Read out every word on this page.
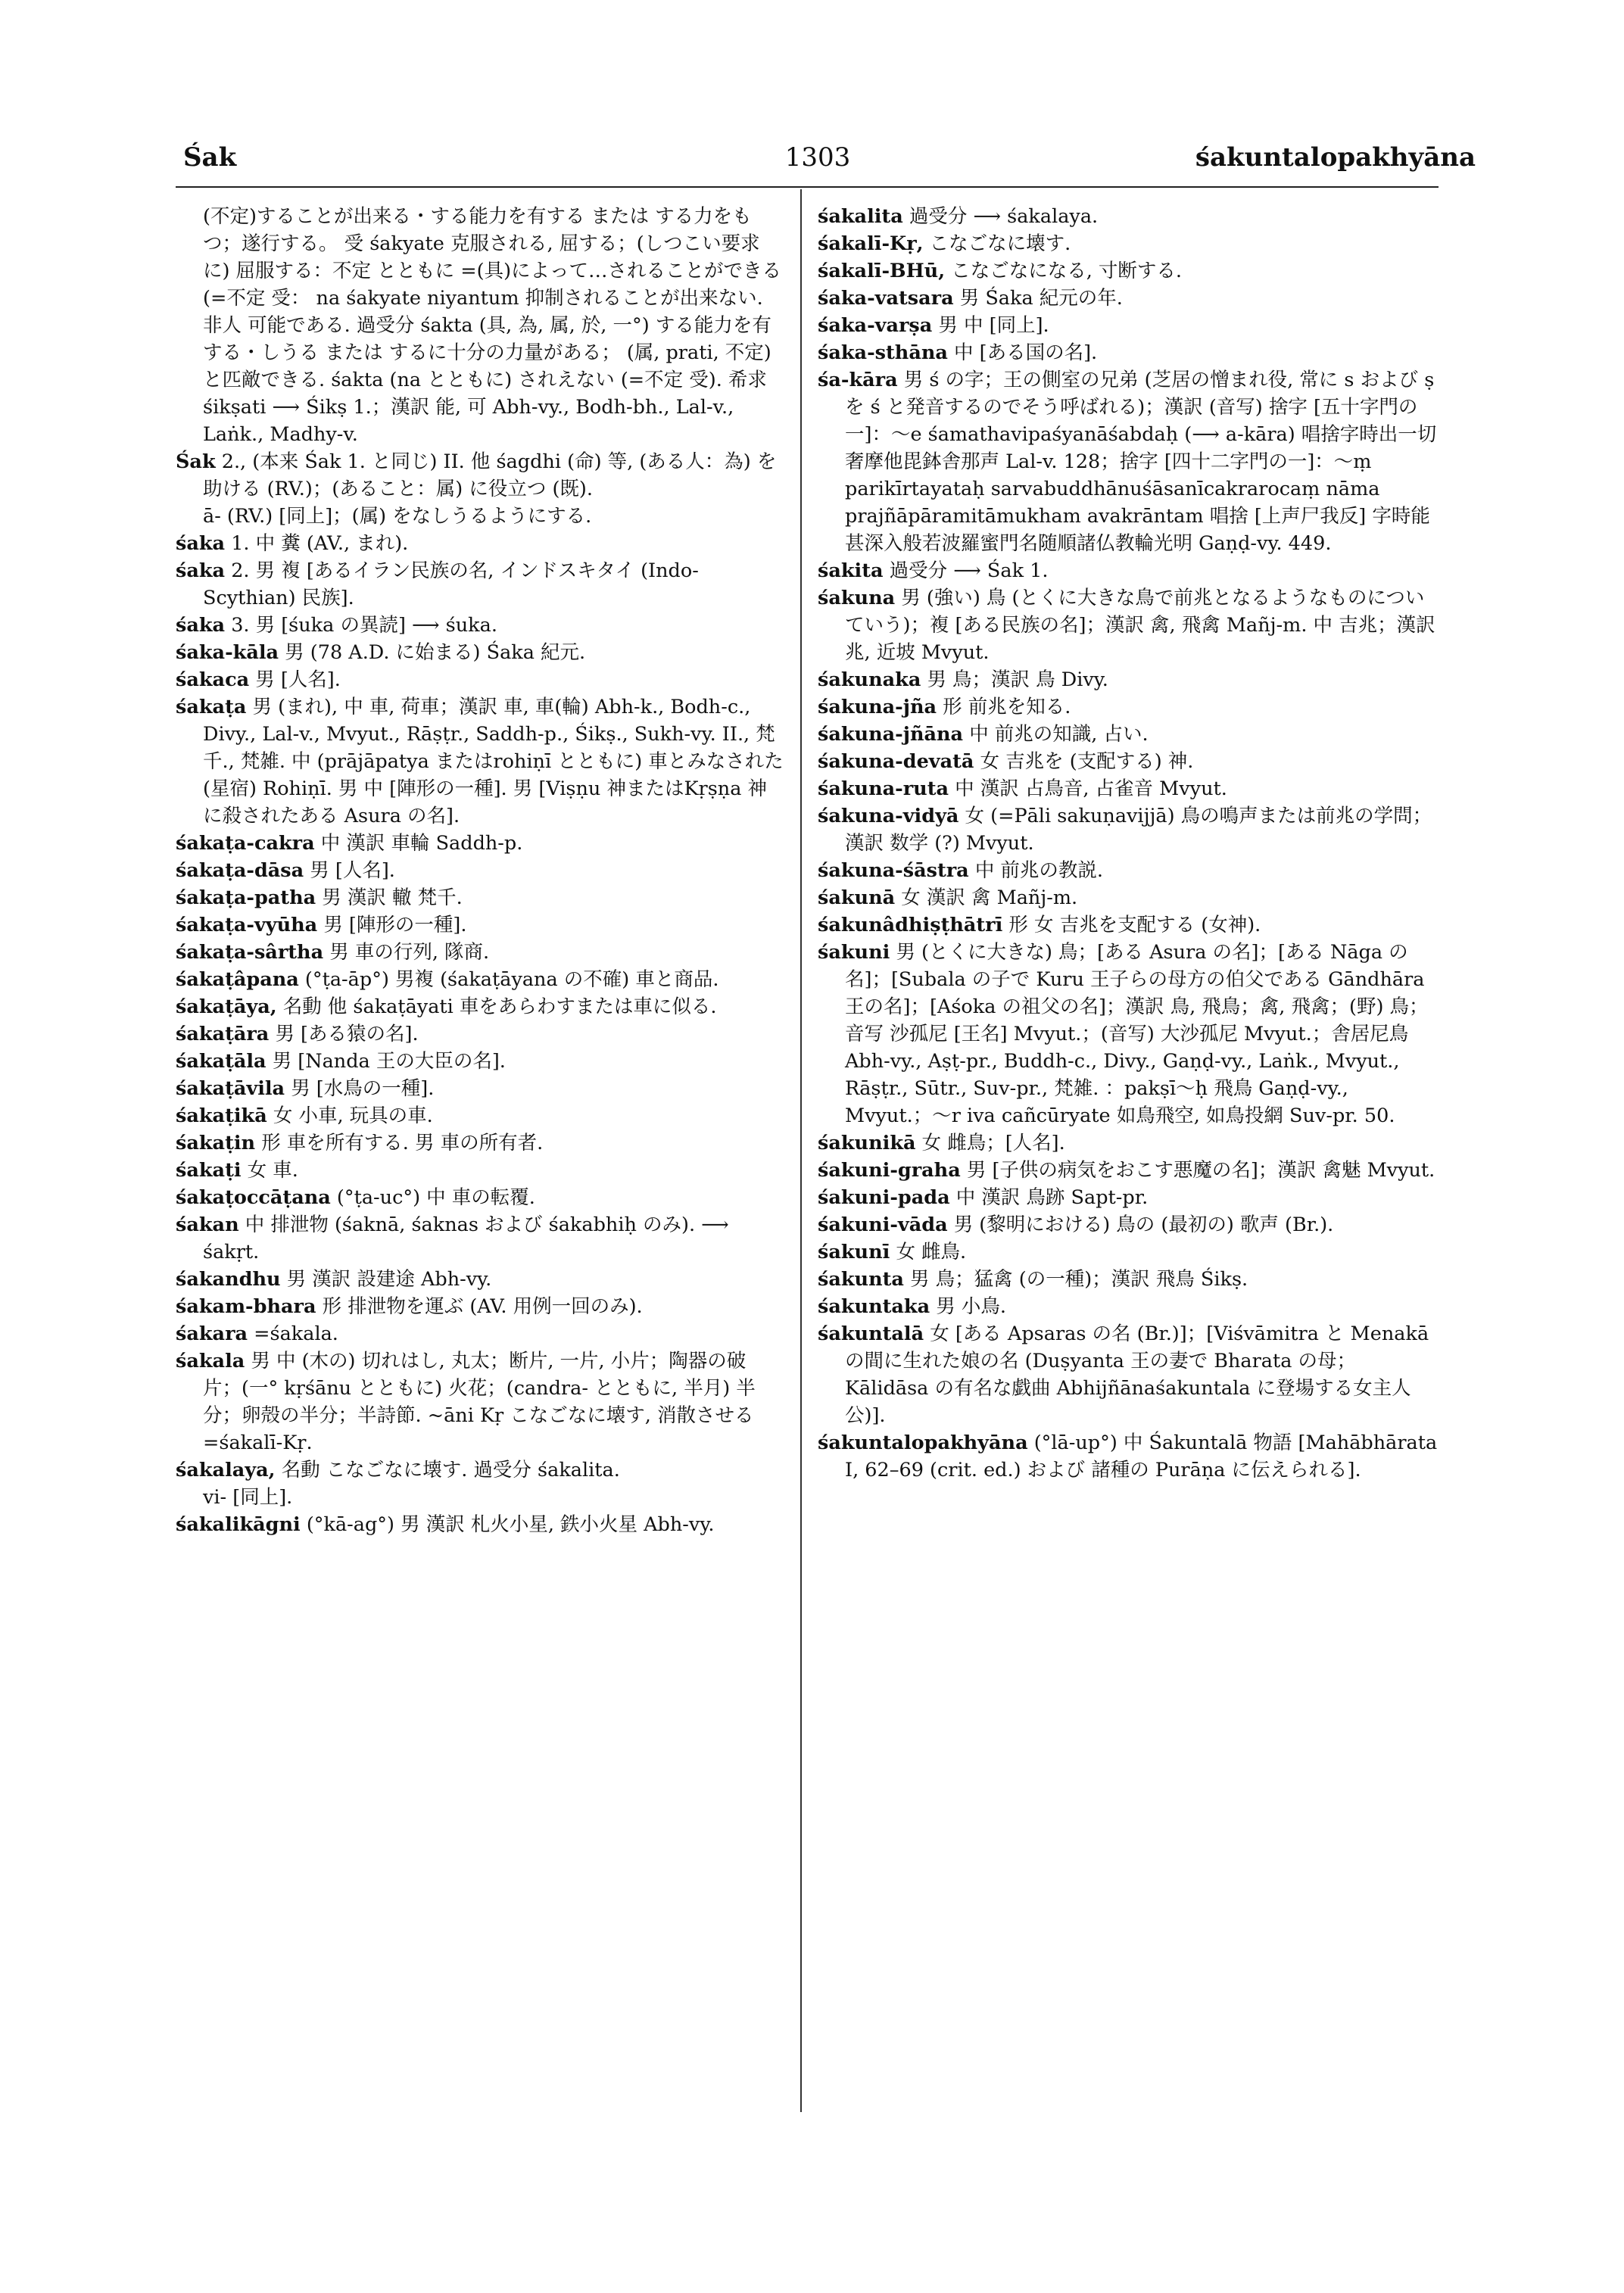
Śak	1303	śakuntalopakhyāna
(不定)することが出来る・する能力を有する または する力をもつ；遂行する。 受 śakyate 克服される, 屈する；(しつこい要求に) 屈服する：不定 とともに =(具)によって…されることができる (=不定 受： na śakyate niyantum 抑制されることが出来ない. 非人 可能である. 過受分 śakta (具, 為, 属, 於, 一°) する能力を有する・しうる または するに十分の力量がある； (属, prati, 不定) と匹敵できる. śakta (na とともに) されえない (=不定 受). 希求 śikṣati ⟶ Śikṣ 1.；漢訳 能, 可 Abh-vy., Bodh-bh., Lal-v., Laṅk., Madhy-v.
Śak 2., (本来 Śak 1. と同じ) II. 他 śagdhi (命) 等, (ある人：為) を助ける (RV.)；(あること：属) に役立つ (既).
ā- (RV.) [同上]；(属) をなしうるようにする.
śaka 1. 中 糞 (AV., まれ).
śaka 2. 男 複 [あるイラン民族の名, インドスキタイ (Indo-Scythian) 民族].
śaka 3. 男 [śuka の異読] ⟶ śuka.
śaka-kāla 男 (78 A.D. に始まる) Śaka 紀元.
śakaca 男 [人名].
śakaṭa 男 (まれ), 中 車, 荷車；漢訳 車, 車(輪) Abh-k., Bodh-c., Divy., Lal-v., Mvyut., Rāṣṭr., Saddh-p., Śikṣ., Sukh-vy. II., 梵千., 梵雑. 中 (prājāpatya またはrohiṇī とともに) 車とみなされた (星宿) Rohiṇī. 男 中 [陣形の一種]. 男 [Viṣṇu 神またはKṛṣṇa 神に殺されたある Asura の名].
śakaṭa-cakra 中 漢訳 車輪 Saddh-p.
śakaṭa-dāsa 男 [人名].
śakaṭa-patha 男 漢訳 轍 梵千.
śakaṭa-vyūha 男 [陣形の一種].
śakaṭa-sârtha 男 車の行列, 隊商.
śakaṭâpana (°ṭa-āp°) 男複 (śakaṭāyana の不確) 車と商品.
śakaṭāya, 名動 他 śakaṭāyati 車をあらわすまたは車に似る.
śakaṭāra 男 [ある猿の名].
śakaṭāla 男 [Nanda 王の大臣の名].
śakaṭāvila 男 [水鳥の一種].
śakaṭikā 女 小車, 玩具の車.
śakaṭin 形 車を所有する. 男 車の所有者.
śakaṭi 女 車.
śakaṭoccāṭana (°ṭa-uc°) 中 車の転覆.
śakan 中 排泄物 (śaknā, śaknas および śakabhiḥ のみ). ⟶ śakṛt.
śakandhu 男 漢訳 設建途 Abh-vy.
śakam-bhara 形 排泄物を運ぶ (AV. 用例一回のみ).
śakara =śakala.
śakala 男 中 (木の) 切れはし, 丸太；断片, 一片, 小片；陶器の破片；(一° kṛśānu とともに) 火花；(candra- とともに, 半月) 半分；卵殻の半分；半詩節. ~āni Kṛ こなごなに壊す, 消散させる=śakalī-Kṛ.
śakalaya, 名動 こなごなに壊す. 過受分 śakalita.
vi- [同上].
śakalikāgni (°kā-ag°) 男 漢訳 札火小星, 鉄小火星 Abh-vy.
śakalita 過受分 ⟶ śakalaya.
śakalī-Kṛ, こなごなに壊す.
śakalī-BHū, こなごなになる, 寸断する.
śaka-vatsara 男 Śaka 紀元の年.
śaka-varṣa 男 中 [同上].
śaka-sthāna 中 [ある国の名].
śa-kāra 男 ś の字；王の側室の兄弟 (芝居の憎まれ役, 常に s および ṣ を ś と発音するのでそう呼ばれる)；漢訳 (音写) 捨字 [五十字門の一]：～e śamathavipaśyanāśabdaḥ (⟶ a-kāra) 唱捨字時出一切奢摩他毘鉢舎那声 Lal-v. 128；捨字 [四十二字門の一]：～ṃ parikīrtayataḥ sarvabuddhānuśāsanīcakrarocaṃ nāma prajñāpāramitāmukham avakrāntam 唱捨 [上声尸我反] 字時能甚深入般若波羅蜜門名随順諸仏教輪光明 Gaṇḍ-vy. 449.
śakita 過受分 ⟶ Śak 1.
śakuna 男 (強い) 鳥 (とくに大きな鳥で前兆となるようなものについていう)；複 [ある民族の名]；漢訳 禽, 飛禽 Mañj-m. 中 吉兆；漢訳 兆, 近坡 Mvyut.
śakunaka 男 鳥；漢訳 鳥 Divy.
śakuna-jña 形 前兆を知る.
śakuna-jñāna 中 前兆の知識, 占い.
śakuna-devatā 女 吉兆を (支配する) 神.
śakuna-ruta 中 漢訳 占鳥音, 占雀音 Mvyut.
śakuna-vidyā 女 (=Pāli sakuṇavijjā) 鳥の鳴声または前兆の学問；漢訳 数学 (?) Mvyut.
śakuna-śāstra 中 前兆の教説.
śakunā 女 漢訳 禽 Mañj-m.
śakunâdhiṣṭhātrī 形 女 吉兆を支配する (女神).
śakuni 男 (とくに大きな) 鳥；[ある Asura の名]；[ある Nāga の名]；[Subala の子で Kuru 王子らの母方の伯父である Gāndhāra 王の名]；[Aśoka の祖父の名]；漢訳 鳥, 飛鳥；禽, 飛禽；(野) 鳥；音写 沙孤尼 [王名] Mvyut.；(音写) 大沙孤尼 Mvyut.；舎居尼鳥 Abh-vy., Aṣṭ-pr., Buddh-c., Divy., Gaṇḍ-vy., Laṅk., Mvyut., Rāṣṭr., Sūtr., Suv-pr., 梵雑. ：pakṣī～ḥ 飛鳥 Gaṇḍ-vy., Mvyut.；～r iva cañcūryate 如鳥飛空, 如鳥投網 Suv-pr. 50.
śakunikā 女 雌鳥；[人名].
śakuni-graha 男 [子供の病気をおこす悪魔の名]；漢訳 禽魅 Mvyut.
śakuni-pada 中 漢訳 鳥跡 Sapt-pr.
śakuni-vāda 男 (黎明における) 鳥の (最初の) 歌声 (Br.).
śakunī 女 雌鳥.
śakunta 男 鳥；猛禽 (の一種)；漢訳 飛鳥 Śikṣ.
śakuntaka 男 小鳥.
śakuntalā 女 [ある Apsaras の名 (Br.)]；[Viśvāmitra と Menakā の間に生れた娘の名 (Duṣyanta 王の妻で Bharata の母；Kālidāsa の有名な戯曲 Abhijñānaśakuntala に登場する女主人公)].
śakuntalopakhyāna (°lā-up°) 中 Śakuntalā 物語 [Mahābhārata I, 62–69 (crit. ed.) および 諸種の Purāṇa に伝えられる].
